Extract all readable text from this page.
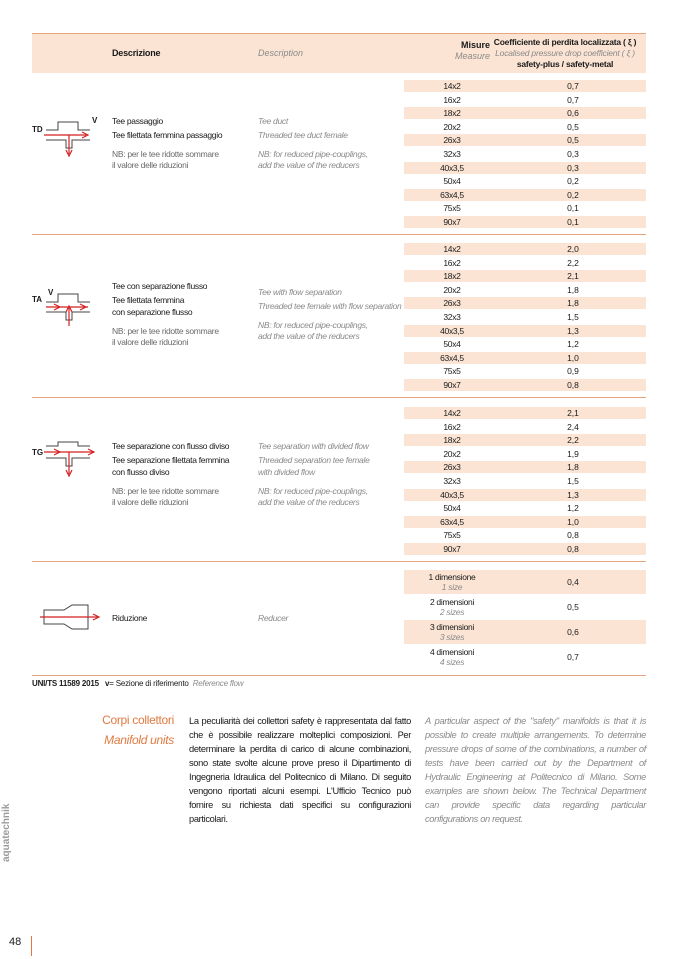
Descrizione	Description
Misure
Measure
Coefficiente di perdita localizzata ( ξ )
Localised pressure drop coefficient ( ξ )
safety-plus / safety-metal
TD
V Tee passaggio
Tee filettata femmina passaggio
NB: per le tee ridotte sommare
il valore delle riduzioni
Tee duct
Threaded tee duct female
NB: for reduced pipe-couplings,
add the value of the reducers
TA
V
Tee con separazione flusso
Tee filettata femmina
con separazione flusso
NB: per le tee ridotte sommare
il valore delle riduzioni
Tee with flow separation
Threaded tee female with flow separation
NB: for reduced pipe-couplings,
add the value of the reducers
TG
Tee separazione con flusso diviso
Tee separazione filettata femmina
con flusso diviso
NB: per le tee ridotte sommare
il valore delle riduzioni
Tee separation with divided flow
Threaded separation tee female
with divided flow
NB: for reduced pipe-couplings,
add the value of the reducers
Riduzione	Reducer
1 dimensione
1 size	0,4
2 dimensioni
2 sizes	0,5
3 dimensioni
3 sizes	0,6
4 dimensioni
4 sizes	0,7
UNI/TS 11589 2015 v= Sezione di riferimento Reference flow
Corpi collettori
Manifold units
La peculiarità dei collettori safety è rappresentata dal fatto che è possibile realizzare molteplici composizioni. Per determinare la perdita di carico di alcune combinazioni, sono state svolte alcune prove preso il Dipartimento di Ingegneria Idraulica del Politecnico di Milano. Di seguito vengono riportati alcuni esempi. L'Ufficio Tecnico può fornire su richiesta dati specifici su configurazioni particolari.
A particular aspect of the "safety" manifolds is that it is possible to create multiple arrangements. To determine pressure drops of some of the combinations, a number of tests have been carried out by the Department of Hydraulic Engineering at Politecnico di Milano. Some examples are shown below. The Technical Department can provide specific data regarding particular configurations on request.
aquatechnik
48
14x2	0,7
16x2	0,7
18x2	0,6
20x2	0,5
26x3	0,5
32x3	0,3
40x3,5	0,3
50x4	0,2
63x4,5	0,2
75x5	0,1
90x7	0,1
14x2	2,0
16x2	2,2
18x2	2,1
20x2	1,8
26x3	1,8
32x3	1,5
40x3,5	1,3
50x4	1,2
63x4,5	1,0
75x5	0,9
90x7	0,8
14x2	2,1
16x2	2,4
18x2	2,2
20x2	1,9
26x3	1,8
32x3	1,5
40x3,5	1,3
50x4	1,2
63x4,5	1,0
75x5	0,8
90x7	0,8
